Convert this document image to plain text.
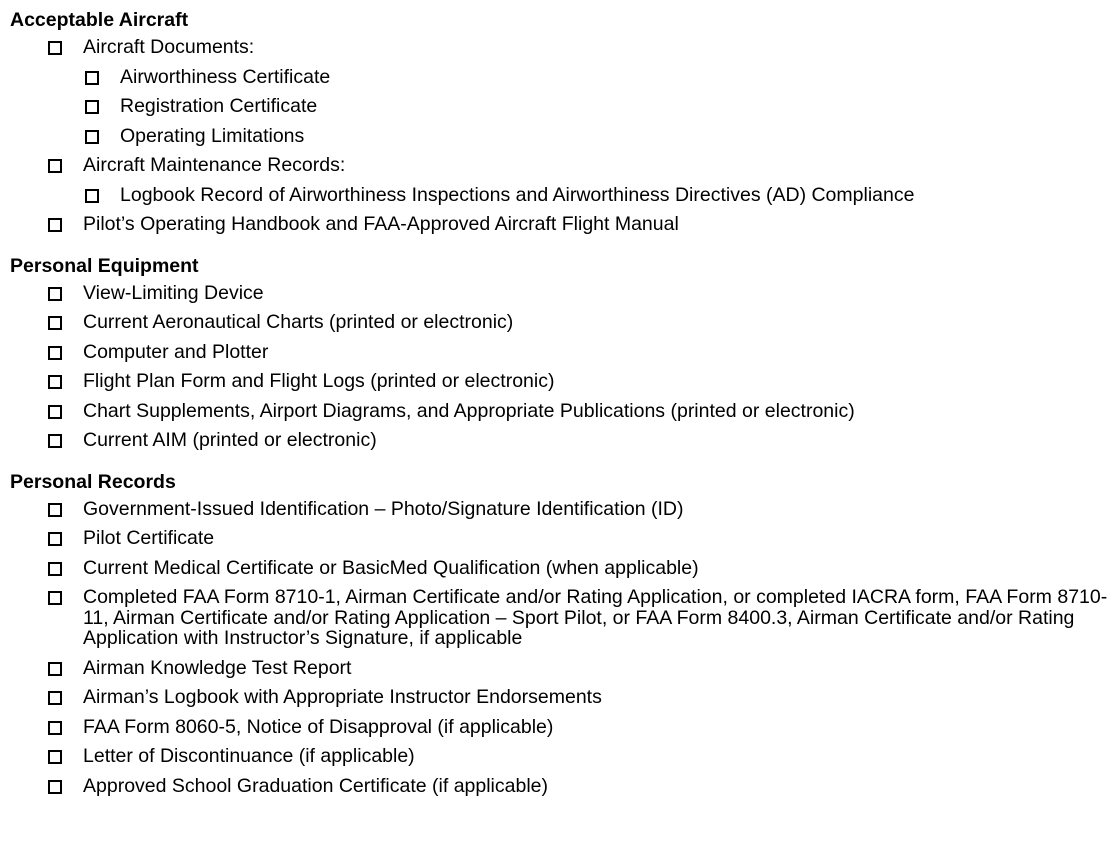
Acceptable Aircraft
Aircraft Documents:
Airworthiness Certificate
Registration Certificate
Operating Limitations
Aircraft Maintenance Records:
Logbook Record of Airworthiness Inspections and Airworthiness Directives (AD) Compliance
Pilot’s Operating Handbook and FAA-Approved Aircraft Flight Manual
Personal Equipment
View-Limiting Device
Current Aeronautical Charts (printed or electronic)
Computer and Plotter
Flight Plan Form and Flight Logs (printed or electronic)
Chart Supplements, Airport Diagrams, and Appropriate Publications (printed or electronic)
Current AIM (printed or electronic)
Personal Records
Government-Issued Identification – Photo/Signature Identification (ID)
Pilot Certificate
Current Medical Certificate or BasicMed Qualification (when applicable)
Completed FAA Form 8710-1, Airman Certificate and/or Rating Application, or completed IACRA form, FAA Form 8710-11, Airman Certificate and/or Rating Application – Sport Pilot, or FAA Form 8400.3, Airman Certificate and/or Rating Application with Instructor’s Signature, if applicable
Airman Knowledge Test Report
Airman’s Logbook with Appropriate Instructor Endorsements
FAA Form 8060-5, Notice of Disapproval (if applicable)
Letter of Discontinuance (if applicable)
Approved School Graduation Certificate (if applicable)
